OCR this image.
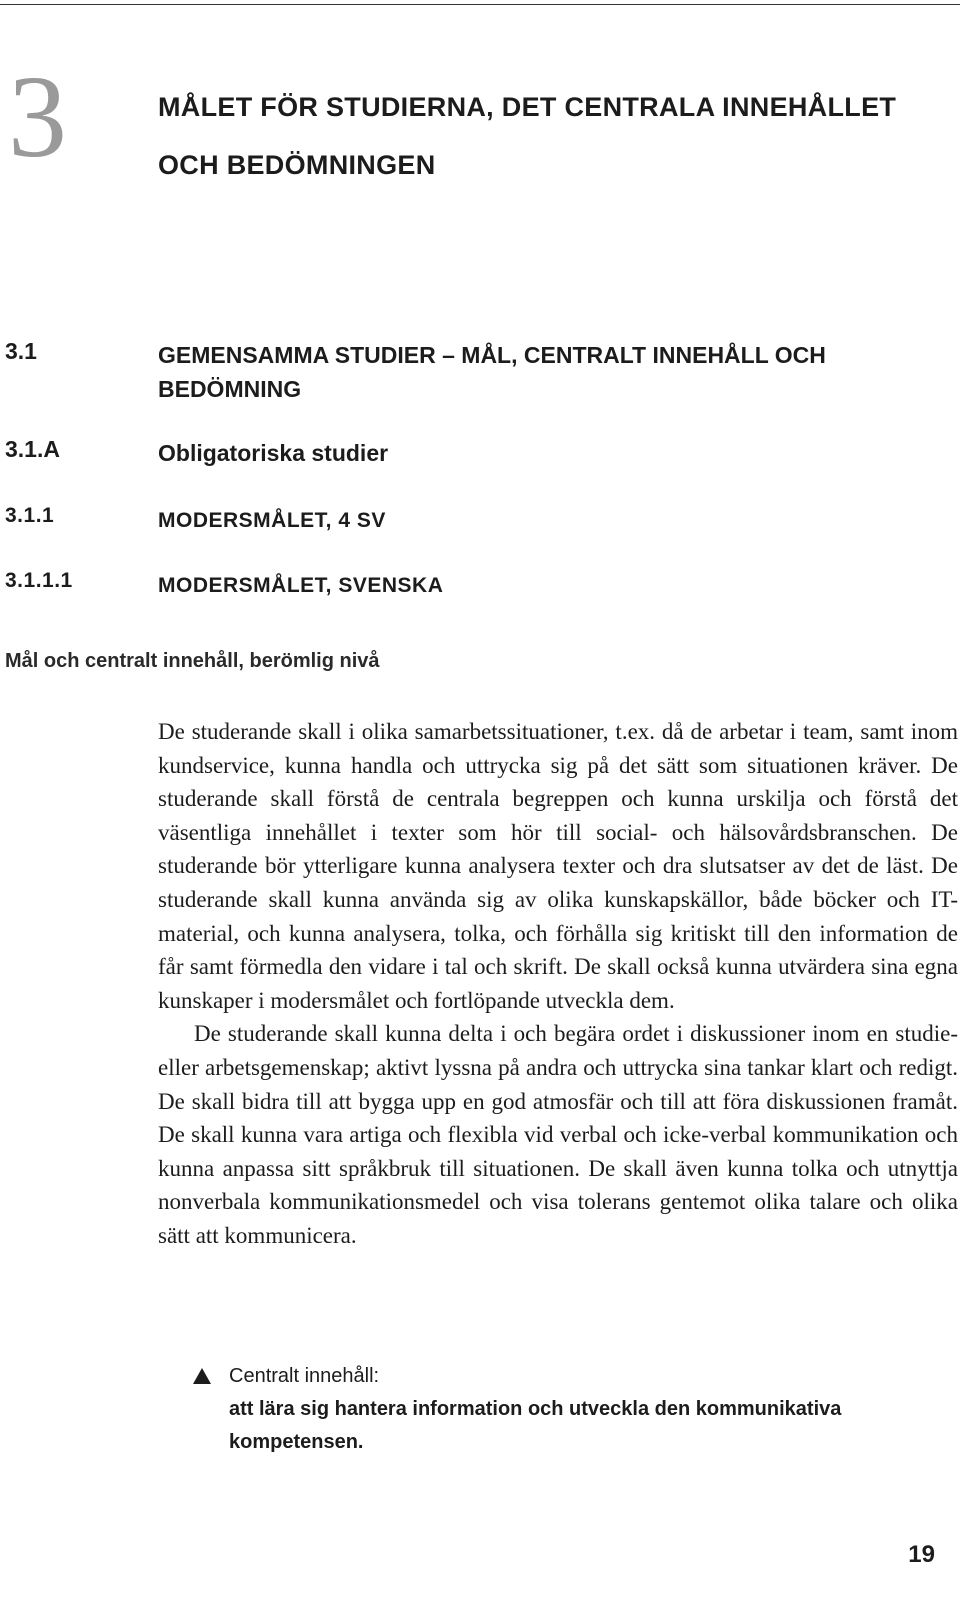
3	MÅLET FÖR STUDIERNA, DET CENTRALA INNEHÅLLET OCH BEDÖMNINGEN
3.1	GEMENSAMMA STUDIER – MÅL, CENTRALT INNEHÅLL OCH BEDÖMNING
3.1.A	Obligatoriska studier
3.1.1	MODERSMÅLET, 4 SV
3.1.1.1	MODERSMÅLET, SVENSKA
Mål och centralt innehåll, berömlig nivå

De studerande skall i olika samarbetssituationer, t.ex. då de arbetar i team, samt inom kundservice, kunna handla och uttrycka sig på det sätt som situationen kräver. De studerande skall förstå de centrala begreppen och kunna urskilja och förstå det väsentliga innehållet i texter som hör till social- och hälsovårdsbranschen. De studerande bör ytterligare kunna analysera texter och dra slutsatser av det de läst. De studerande skall kunna använda sig av olika kunskapskällor, både böcker och IT-material, och kunna analysera, tolka, och förhålla sig kritiskt till den information de får samt förmedla den vidare i tal och skrift. De skall också kunna utvärdera sina egna kunskaper i modersmålet och fortlöpande utveckla dem.

De studerande skall kunna delta i och begära ordet i diskussioner inom en studie- eller arbetsgemenskap; aktivt lyssna på andra och uttrycka sina tankar klart och redigt. De skall bidra till att bygga upp en god atmosfär och till att föra diskussionen framåt. De skall kunna vara artiga och flexibla vid verbal och icke-verbal kommunikation och kunna anpassa sitt språkbruk till situationen. De skall även kunna tolka och utnyttja nonverbala kommunikationsmedel och visa tolerans gentemot olika talare och olika sätt att kommunicera.

Centralt innehåll:
att lära sig hantera information och utveckla den kommunikativa kompetensen.
19
